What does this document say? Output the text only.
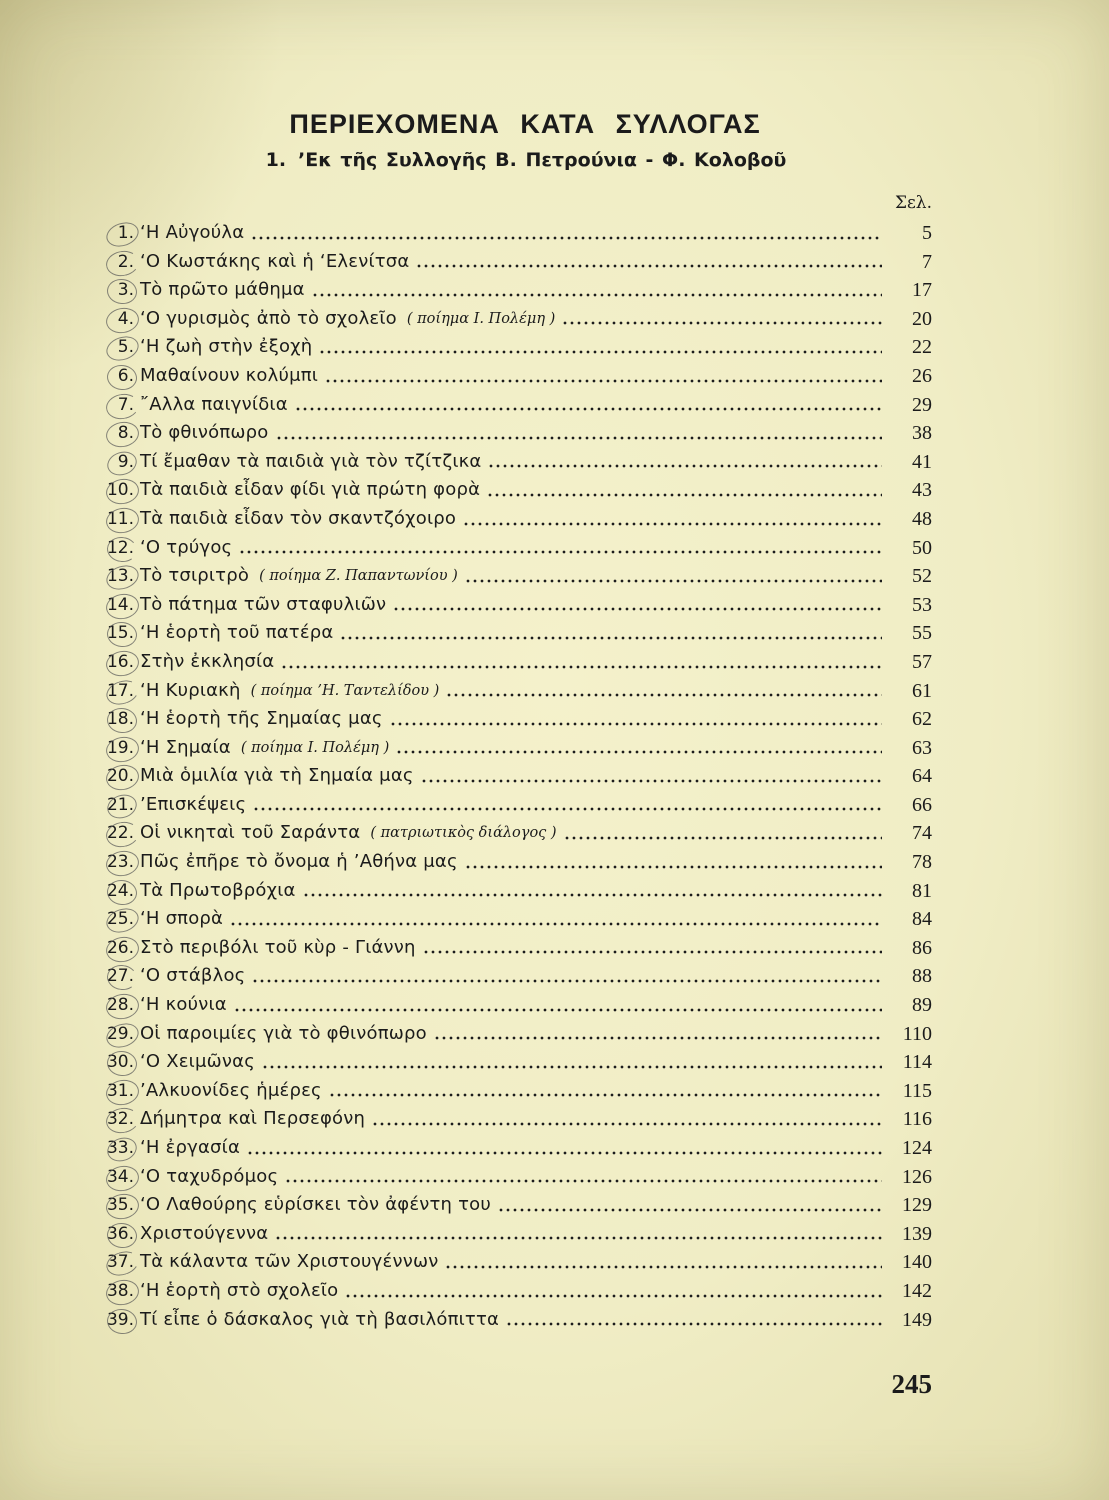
ΠΕΡΙΕΧΟΜΕΝΑ ΚΑΤΑ ΣΥΛΛΟΓΑΣ
1. ’Εκ τῆς Συλλογῆς Β. Πετρούνια - Φ. Κολοβοῦ
Σελ.
1. ‘Η Αὐγούλα	5
2. ‘Ο Κωστάκης καὶ ἡ ‘Ελενίτσα	7
3. Τὸ πρῶτο μάθημα	17
4. ‘Ο γυρισμὸς ἀπὸ τὸ σχολεῖο ( ποίημα Ι. Πολέμη )	20
5. ‘Η ζωὴ στὴν ἐξοχὴ	22
6. Μαθαίνουν κολύμπι	26
7. ῎Αλλα παιγνίδια	29
8. Τὸ φθινόπωρο	38
9. Τί ἔμαθαν τὰ παιδιὰ γιὰ τὸν τζίτζικα	41
10. Τὰ παιδιὰ εἶδαν φίδι γιὰ πρώτη φορὰ	43
11. Τὰ παιδιὰ εἶδαν τὸν σκαντζόχοιρο	48
12. ‘Ο τρύγος	50
13. Τὸ τσιριτρὸ ( ποίημα Ζ. Παπαντωνίου )	52
14. Τὸ πάτημα τῶν σταφυλιῶν	53
15. ‘Η ἑορτὴ τοῦ πατέρα	55
16. Στὴν ἐκκλησία	57
17. ‘Η Κυριακὴ ( ποίημα ’Η. Ταντελίδου )	61
18. ‘Η ἑορτὴ τῆς Σημαίας μας	62
19. ‘Η Σημαία ( ποίημα Ι. Πολέμη )	63
20. Μιὰ ὁμιλία γιὰ τὴ Σημαία μας	64
21. ’Επισκέψεις	66
22. Οἱ νικηταὶ τοῦ Σαράντα ( πατριωτικὸς διάλογος )	74
23. Πῶς ἐπῆρε τὸ ὄνομα ἡ ’Αθήνα μας	78
24. Τὰ Πρωτοβρόχια	81
25. ‘Η σπορὰ	84
26. Στὸ περιβόλι τοῦ κὺρ - Γιάννη	86
27. ‘Ο στάβλος	88
28. ‘Η κούνια	89
29. Οἱ παροιμίες γιὰ τὸ φθινόπωρο	110
30. ‘Ο Χειμῶνας	114
31. ’Αλκυονίδες ἡμέρες	115
32. Δήμητρα καὶ Περσεφόνη	116
33. ‘Η ἐργασία	124
34. ‘Ο ταχυδρόμος	126
35. ‘Ο Λαθούρης εὑρίσκει τὸν ἀφέντη του	129
36. Χριστούγεννα	139
37. Τὰ κάλαντα τῶν Χριστουγέννων	140
38. ‘Η ἑορτὴ στὸ σχολεῖο	142
39. Τί εἶπε ὁ δάσκαλος γιὰ τὴ βασιλόπιττα	149
245
